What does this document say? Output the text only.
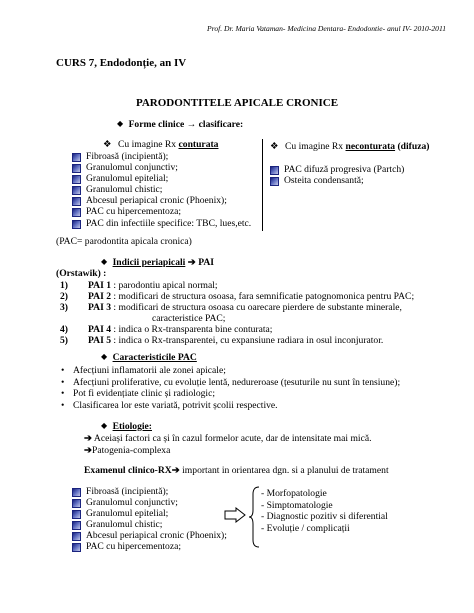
Prof. Dr. Maria Vataman- Medicina Dentara- Endodontie- anul IV- 2010-2011
CURS 7, Endodonție, an IV
PARODONTITELE APICALE CRONICE
◆ Forme clinice → clasificare:
❖ Cu imagine Rx conturata
Fibroasă (incipientă);
Granulomul conjunctiv;
Granulomul epitelial;
Granulomul chistic;
Abcesul periapical cronic (Phoenix);
PAC cu hipercementoza;
PAC din infectiile specifice: TBC, lues,etc.
❖ Cu imagine Rx neconturata (difuza)
PAC difuză progresiva (Partch)
Osteita condensantă;
(PAC= parodontita apicala cronica)
◆ Indicii periapicali ➔ PAI
(Orstawik) :
1) PAI 1 : parodontiu apical normal;
2) PAI 2 : modificari de structura osoasa, fara semnificatie patognomonica pentru PAC;
3) PAI 3 : modificari de structura osoasa cu oarecare pierdere de substante minerale,
caracteristice PAC;
4) PAI 4 : indica o Rx-transparenta bine conturata;
5) PAI 5 : indica o Rx-transparentei, cu expansiune radiara in osul inconjurator.
◆ Caracteristicile PAC
• Afecțiuni inflamatorii ale zonei apicale;
• Afecțiuni proliferative, cu evoluție lentă, nedureroase (țesuturile nu sunt în tensiune);
• Pot fi evidențiate clinic și radiologic;
• Clasificarea lor este variată, potrivit școlii respective.
◆ Etiologie:
➔ Aceiași factori ca și în cazul formelor acute, dar de intensitate mai mică.
➔Patogenia-complexa
Examenul clinico-RX➔ important in orientarea dgn. si a planului de tratament
Fibroasă (incipientă);
Granulomul conjunctiv;
Granulomul epitelial;
Granulomul chistic;
Abcesul periapical cronic (Phoenix);
PAC cu hipercementoza;
- Morfopatologie
- Simptomatologie
- Diagnostic pozitiv si diferential
- Evoluție / complicații
